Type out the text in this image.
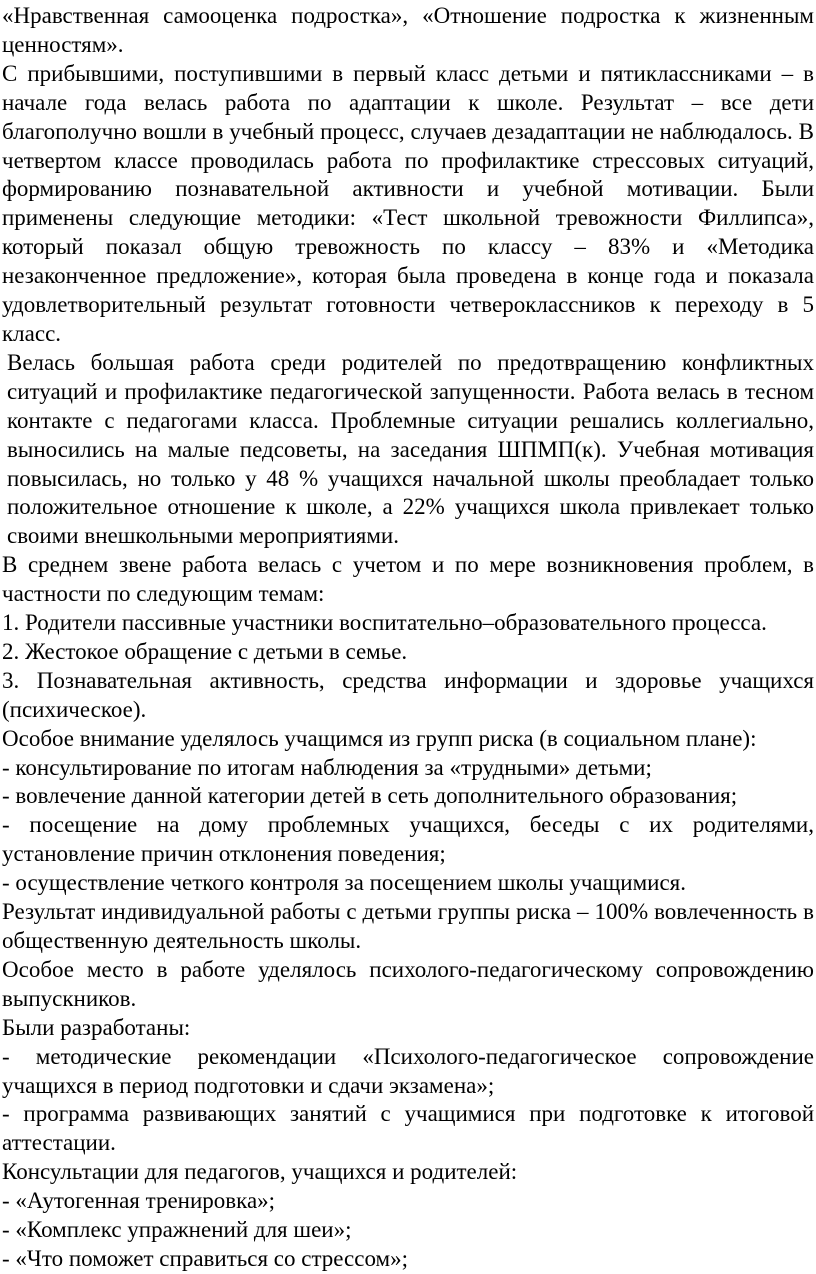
«Нравственная самооценка подростка», «Отношение подростка к жизненным ценностям».

С прибывшими, поступившими в первый класс детьми и пятиклассниками – в начале года велась работа по адаптации к школе. Результат – все дети благополучно вошли в учебный процесс, случаев дезадаптации не наблюдалось. В четвертом классе проводилась работа по профилактике стрессовых ситуаций, формированию познавательной активности и учебной мотивации. Были применены следующие методики: «Тест школьной тревожности Филлипса», который показал общую тревожность по классу – 83% и «Методика незаконченное предложение», которая была проведена в конце года и показала удовлетворительный результат готовности четвероклассников к переходу в 5 класс.

Велась большая работа среди родителей по предотвращению конфликтных ситуаций и профилактике педагогической запущенности. Работа велась в тесном контакте с педагогами класса. Проблемные ситуации решались коллегиально, выносились на малые педсоветы, на заседания ШПМП(к). Учебная мотивация повысилась, но только у 48 % учащихся начальной школы преобладает только положительное отношение к школе, а 22% учащихся школа привлекает только своими внешкольными мероприятиями.

В среднем звене работа велась с учетом и по мере возникновения проблем, в частности по следующим темам:

1. Родители пассивные участники воспитательно–образовательного процесса.

2. Жестокое обращение с детьми в семье.

3. Познавательная активность, средства информации и здоровье учащихся (психическое).

Особое внимание уделялось учащимся из групп риска (в социальном плане):

- консультирование по итогам наблюдения за «трудными» детьми;

- вовлечение данной категории детей в сеть дополнительного образования;

- посещение на дому проблемных учащихся, беседы с их родителями, установление причин отклонения поведения;

- осуществление четкого контроля за посещением школы учащимися.

Результат индивидуальной работы с детьми группы риска – 100% вовлеченность в общественную деятельность школы.

Особое место в работе уделялось психолого-педагогическому сопровождению выпускников.

Были разработаны:

- методические рекомендации «Психолого-педагогическое сопровождение учащихся в период подготовки и сдачи экзамена»;

- программа развивающих занятий с учащимися при подготовке к итоговой аттестации.

Консультации для педагогов, учащихся и родителей:

- «Аутогенная тренировка»;

- «Комплекс упражнений для шеи»;

- «Что поможет справиться со стрессом»;
